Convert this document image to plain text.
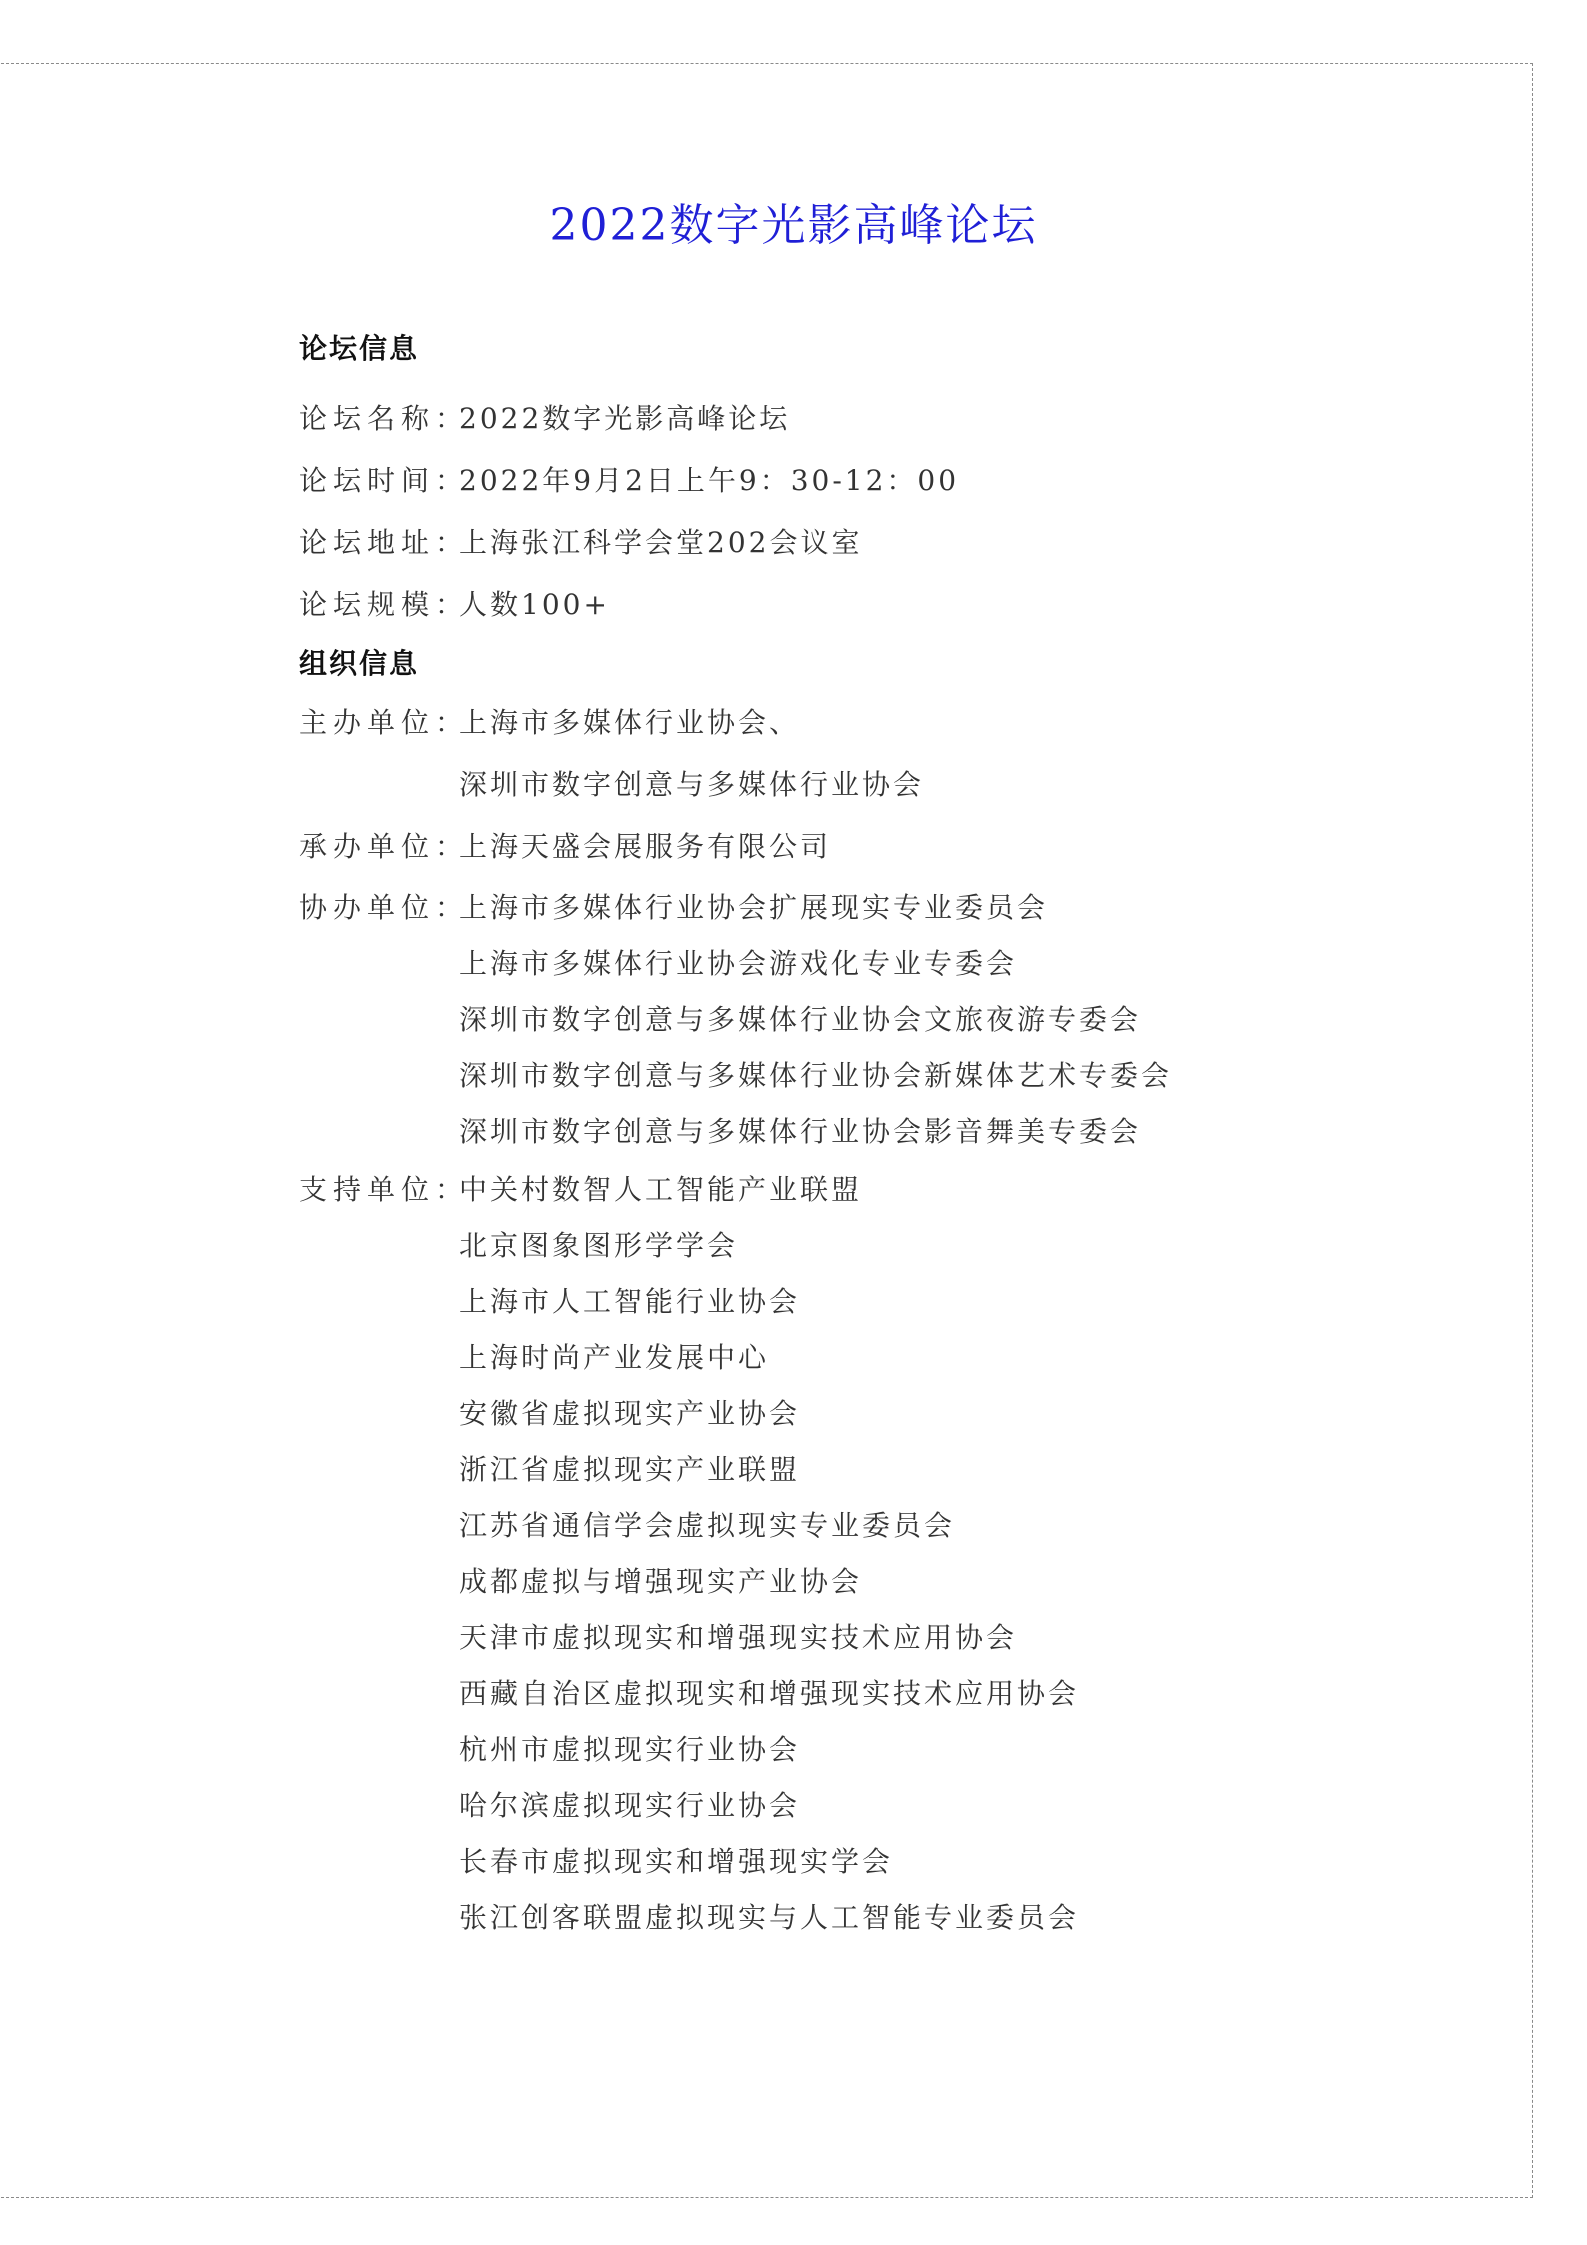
2022数字光影高峰论坛
论坛信息
论坛名称：
2022数字光影高峰论坛
论坛时间：
2022年9月2日上午9：30-12：00
论坛地址：
上海张江科学会堂202会议室
论坛规模：
人数100+
组织信息
主办单位：
上海市多媒体行业协会、
深圳市数字创意与多媒体行业协会
承办单位：
上海天盛会展服务有限公司
协办单位：
上海市多媒体行业协会扩展现实专业委员会
上海市多媒体行业协会游戏化专业专委会
深圳市数字创意与多媒体行业协会文旅夜游专委会
深圳市数字创意与多媒体行业协会新媒体艺术专委会
深圳市数字创意与多媒体行业协会影音舞美专委会
支持单位：
中关村数智人工智能产业联盟
北京图象图形学学会
上海市人工智能行业协会
上海时尚产业发展中心
安徽省虚拟现实产业协会
浙江省虚拟现实产业联盟
江苏省通信学会虚拟现实专业委员会
成都虚拟与增强现实产业协会
天津市虚拟现实和增强现实技术应用协会
西藏自治区虚拟现实和增强现实技术应用协会
杭州市虚拟现实行业协会
哈尔滨虚拟现实行业协会
长春市虚拟现实和增强现实学会
张江创客联盟虚拟现实与人工智能专业委员会
